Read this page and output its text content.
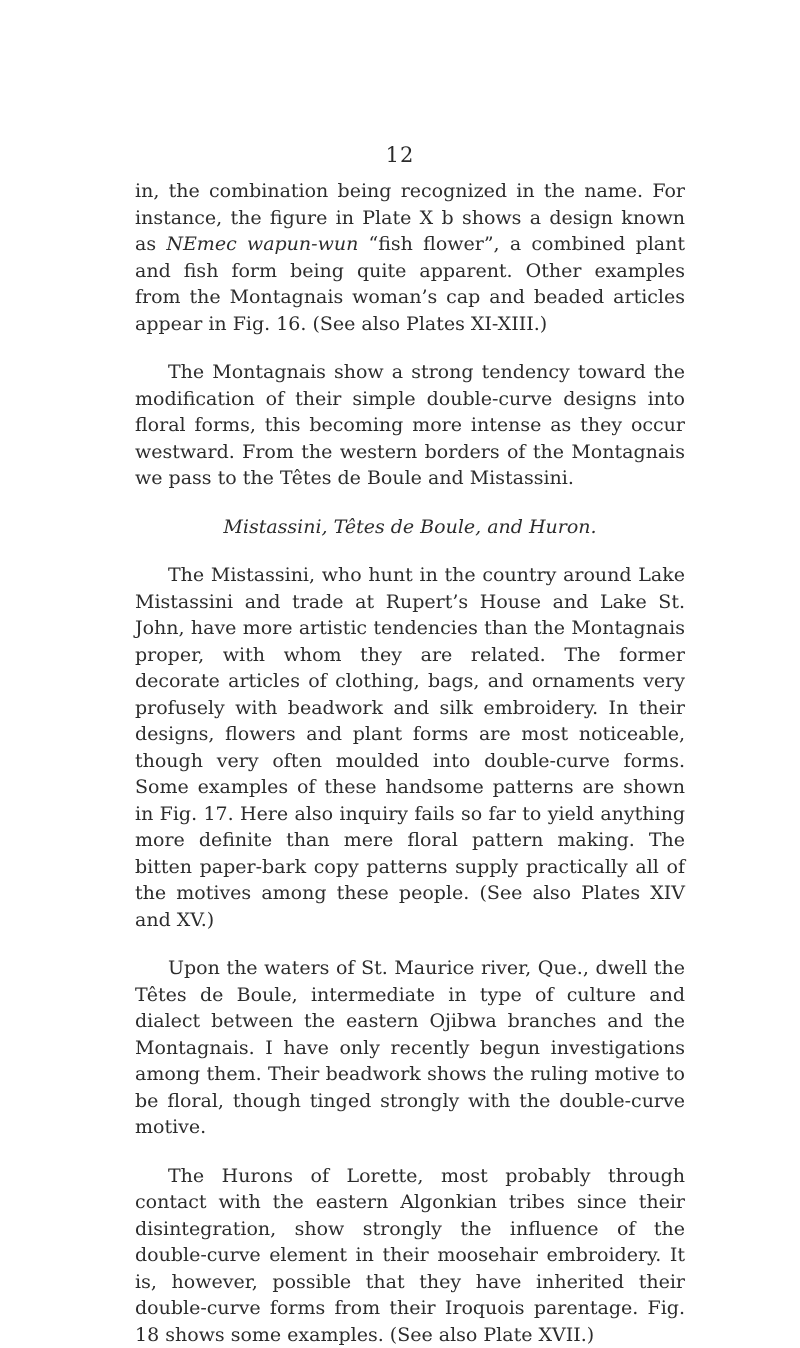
12

in, the combination being recognized in the name. For instance, the figure in Plate X b shows a design known as NEmec wapun-wun “fish flower”, a combined plant and fish form being quite apparent. Other examples from the Montagnais woman’s cap and beaded articles appear in Fig. 16. (See also Plates XI-XIII.)

The Montagnais show a strong tendency toward the modification of their simple double-curve designs into floral forms, this becoming more intense as they occur westward. From the western borders of the Montagnais we pass to the Têtes de Boule and Mistassini.

Mistassini, Têtes de Boule, and Huron.

The Mistassini, who hunt in the country around Lake Mistassini and trade at Rupert’s House and Lake St. John, have more artistic tendencies than the Montagnais proper, with whom they are related. The former decorate articles of clothing, bags, and ornaments very profusely with beadwork and silk embroidery. In their designs, flowers and plant forms are most noticeable, though very often moulded into double-curve forms. Some examples of these handsome patterns are shown in Fig. 17. Here also inquiry fails so far to yield anything more definite than mere floral pattern making. The bitten paper-bark copy patterns supply practically all of the motives among these people. (See also Plates XIV and XV.)

Upon the waters of St. Maurice river, Que., dwell the Têtes de Boule, intermediate in type of culture and dialect between the eastern Ojibwa branches and the Montagnais. I have only recently begun investigations among them. Their beadwork shows the ruling motive to be floral, though tinged strongly with the double-curve motive.

The Hurons of Lorette, most probably through contact with the eastern Algonkian tribes since their disintegration, show strongly the influence of the double-curve element in their moosehair embroidery. It is, however, possible that they have inherited their double-curve forms from their Iroquois parentage. Fig. 18 shows some examples. (See also Plate XVII.)
